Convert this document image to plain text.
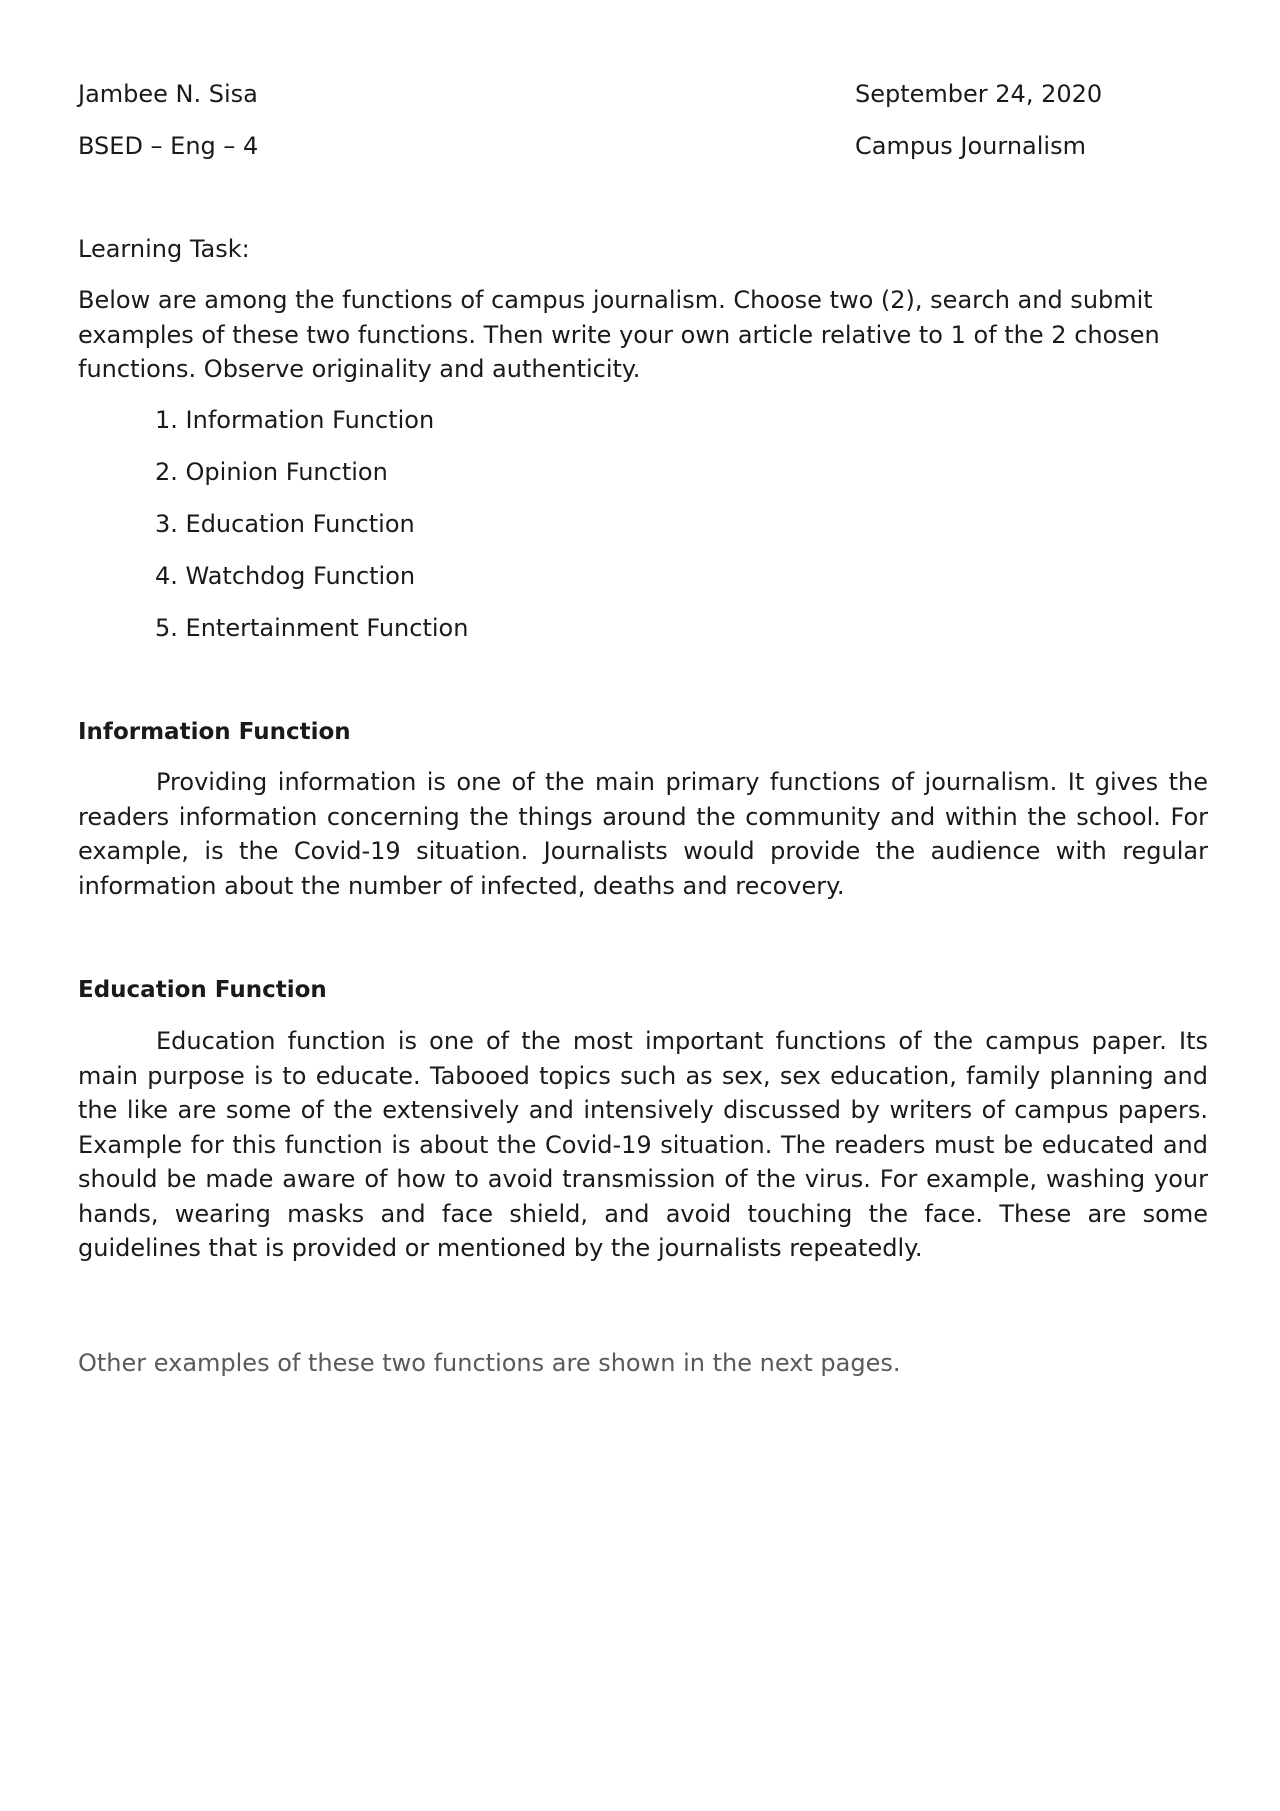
Jambee N. Sisa	September 24, 2020
BSED – Eng – 4	Campus Journalism

Learning Task:

Below are among the functions of campus journalism. Choose two (2), search and submit examples of these two functions. Then write your own article relative to 1 of the 2 chosen functions. Observe originality and authenticity.

1. Information Function
2. Opinion Function
3. Education Function
4. Watchdog Function
5. Entertainment Function
Information Function

Providing information is one of the main primary functions of journalism. It gives the readers information concerning the things around the community and within the school. For example, is the Covid-19 situation. Journalists would provide the audience with regular information about the number of infected, deaths and recovery.

Education Function

Education function is one of the most important functions of the campus paper. Its main purpose is to educate. Tabooed topics such as sex, sex education, family planning and the like are some of the extensively and intensively discussed by writers of campus papers. Example for this function is about the Covid-19 situation. The readers must be educated and should be made aware of how to avoid transmission of the virus. For example, washing your hands, wearing masks and face shield, and avoid touching the face. These are some guidelines that is provided or mentioned by the journalists repeatedly.

Other examples of these two functions are shown in the next pages.
